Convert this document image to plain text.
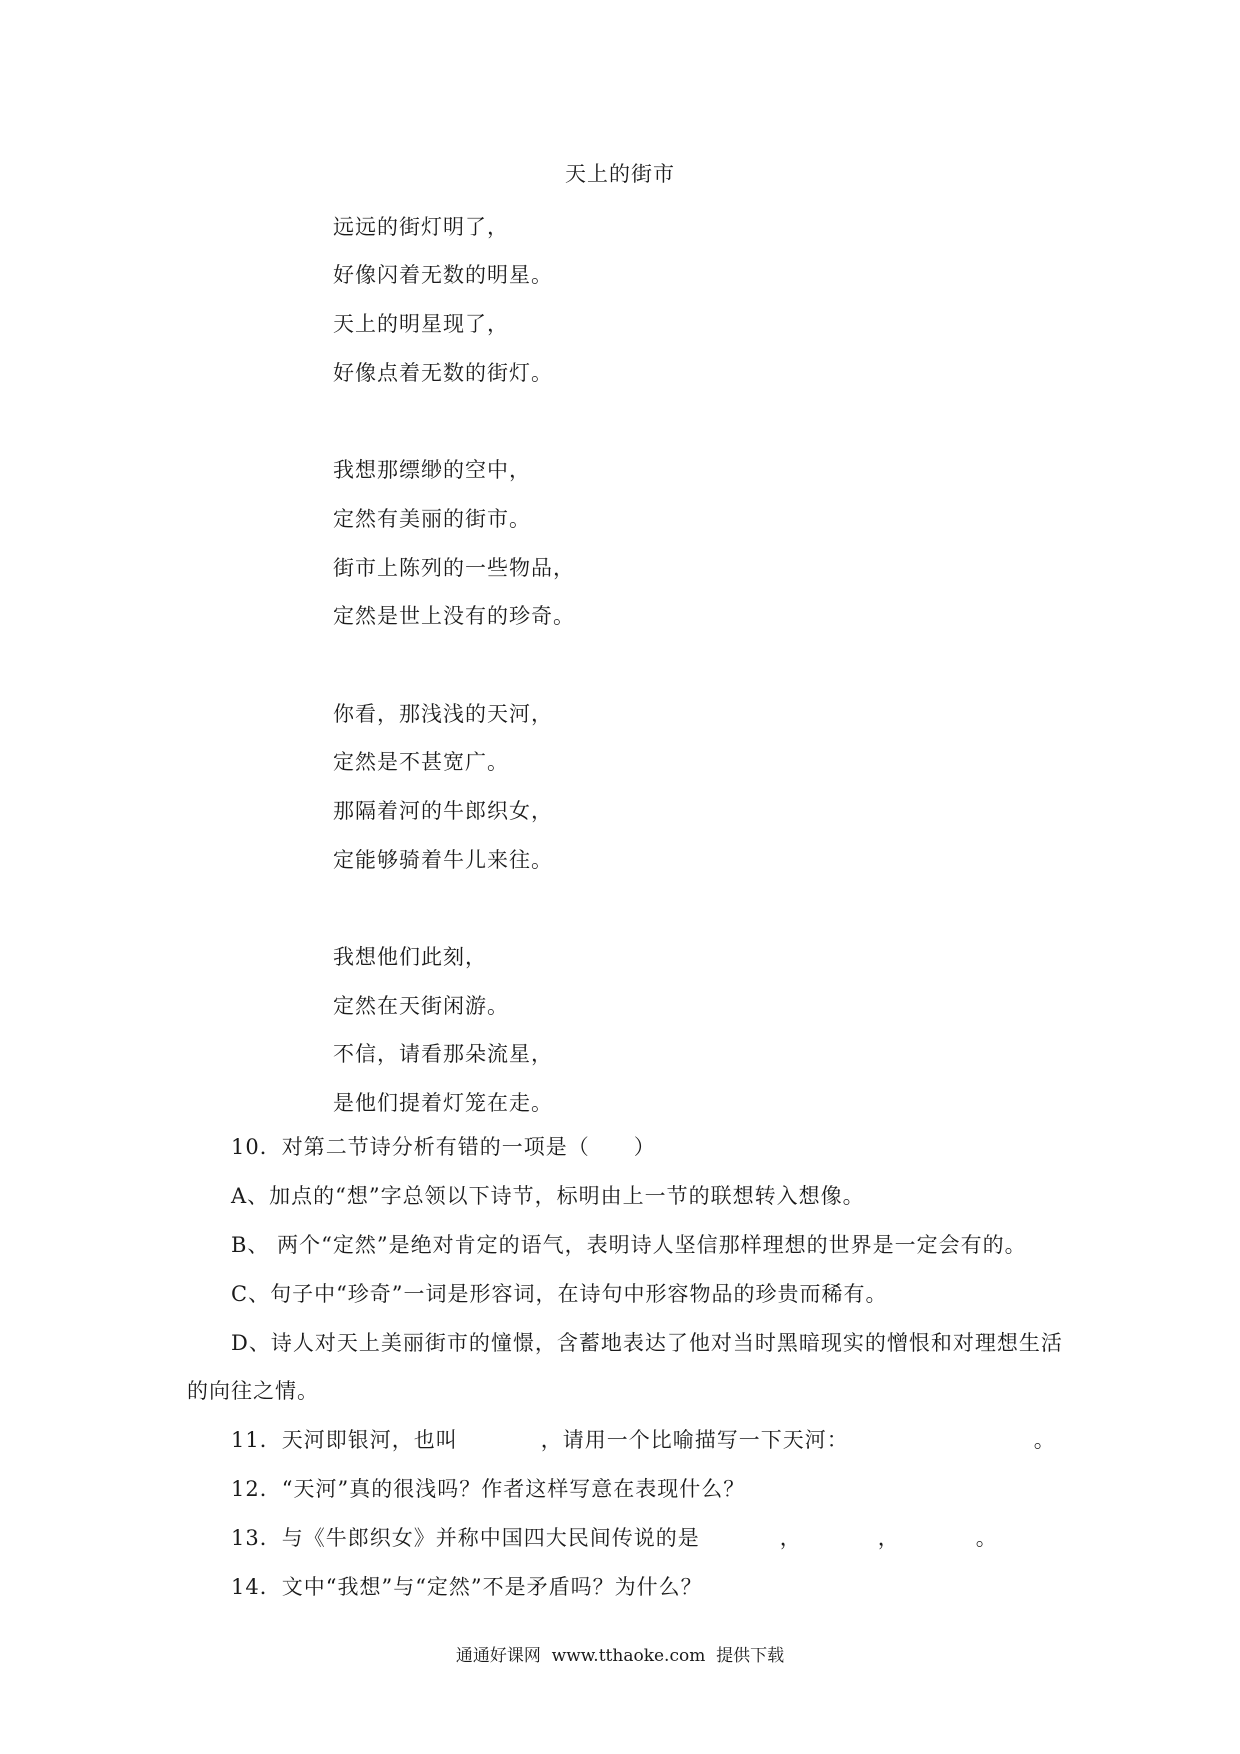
天上的街市
远远的街灯明了，
好像闪着无数的明星。
天上的明星现了，
好像点着无数的街灯。
我想那缥缈的空中，
定然有美丽的街市。
街市上陈列的一些物品，
定然是世上没有的珍奇。
你看，那浅浅的天河，
定然是不甚宽广。
那隔着河的牛郎织女，
定能够骑着牛儿来往。
我想他们此刻，
定然在天街闲游。
不信，请看那朵流星，
是他们提着灯笼在走。
10．对第二节诗分析有错的一项是（　　）
A、加点的“想”字总领以下诗节，标明由上一节的联想转入想像。
B、 两个“定然”是绝对肯定的语气，表明诗人坚信那样理想的世界是一定会有的。
C、句子中“珍奇”一词是形容词，在诗句中形容物品的珍贵而稀有。
D、诗人对天上美丽街市的憧憬，含蓄地表达了他对当时黑暗现实的憎恨和对理想生活
的向往之情。
11．天河即银河，也叫	，请用一个比喻描写一下天河：	。
12．“天河”真的很浅吗？作者这样写意在表现什么？
13．与《牛郎织女》并称中国四大民间传说的是	，	，	。
14．文中“我想”与“定然”不是矛盾吗？为什么？
通通好课网  www.tthaoke.com  提供下载
